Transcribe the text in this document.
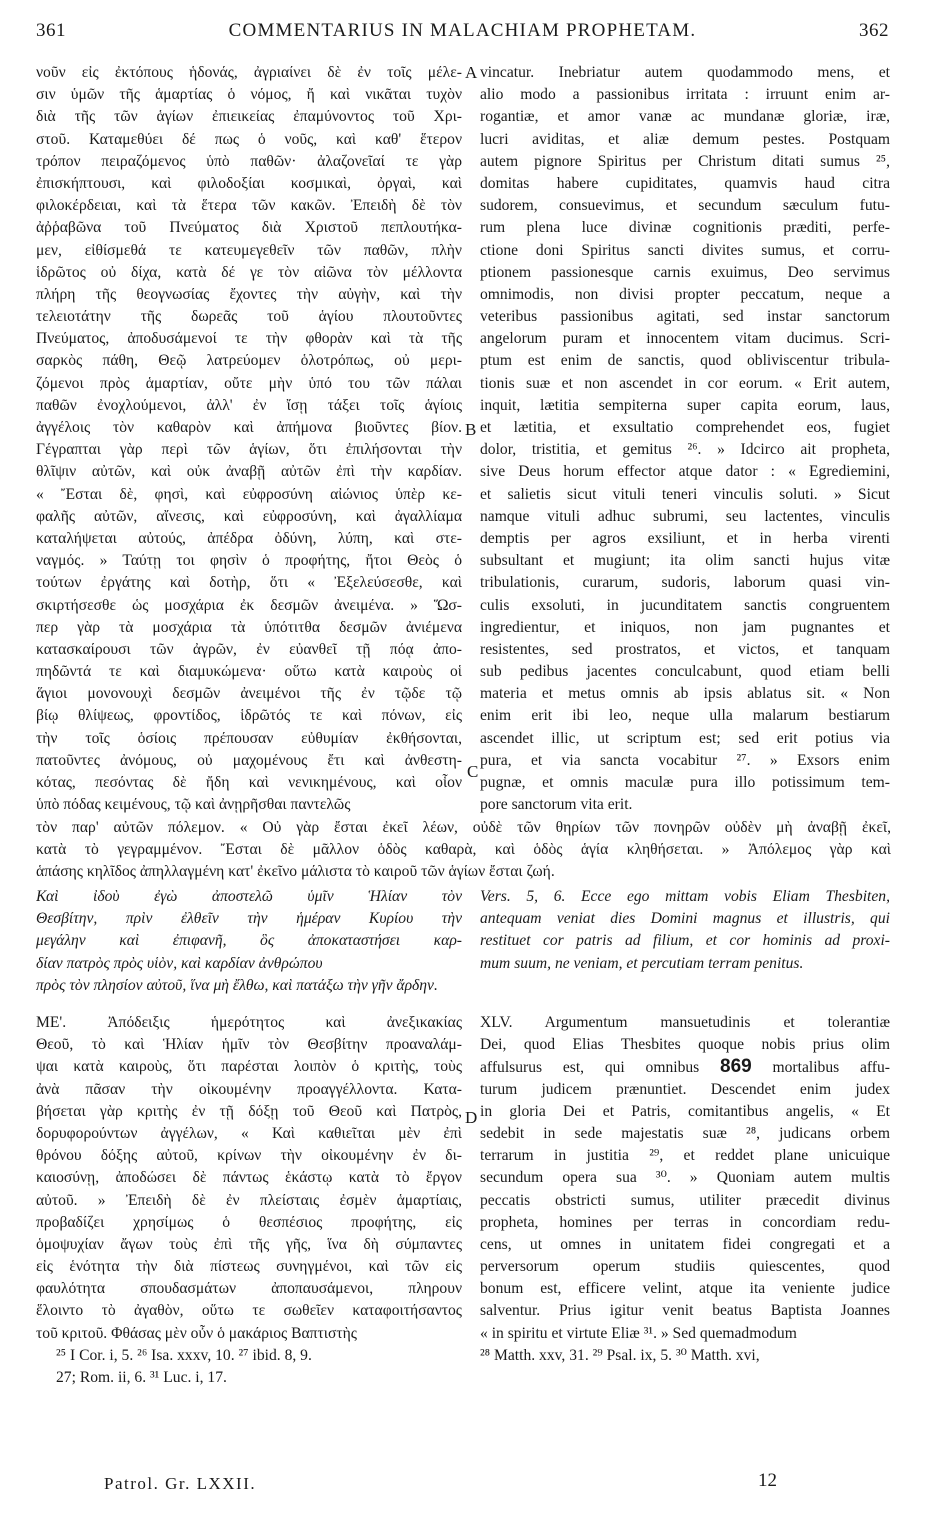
361	COMMENTARIUS IN MALACHIAM PROPHETAM.	362
νοῦν εἰς ἐκτόπους ἡδονάς, ἀγριαίνει δὲ ἐν τοῖς μέλε-
σιν ὑμῶν τῆς ἁμαρτίας ὁ νόμος, ἤ καὶ νικᾶται τυχὸν
διὰ τῆς τῶν ἁγίων ἐπιεικείας ἐπαμύνοντος τοῦ Χρι-
στοῦ. Καταμεθύει δέ πως ὁ νοῦς, καὶ καθ' ἕτερον
τρόπον πειραζόμενος ὑπὸ παθῶν· ἀλαζονεῖαί τε γὰρ
ἐπισκήπτουσι, καὶ φιλοδοξίαι κοσμικαὶ, ὀργαὶ, καὶ
φιλοκέρδειαι, καὶ τὰ ἕτερα τῶν κακῶν. Ἐπειδὴ δὲ τὸν
ἀῤῥαβῶνα τοῦ Πνεύματος διὰ Χριστοῦ πεπλουτήκα-
μεν, εἰθίσμεθά τε κατευμεγεθεῖν τῶν παθῶν, πλὴν
ἱδρῶτος οὐ δίχα, κατὰ δέ γε τὸν αἰῶνα τὸν μέλλοντα
πλήρη τῆς θεογνωσίας ἔχοντες τὴν αὐγὴν, καὶ τὴν
τελειοτάτην τῆς δωρεᾶς τοῦ ἁγίου πλουτοῦντες
Πνεύματος, ἀποδυσάμενοί τε τὴν φθορὰν καὶ τὰ τῆς
σαρκὸς πάθη, Θεῷ λατρεύομεν ὁλοτρόπως, οὐ μερι-
ζόμενοι πρὸς ἁμαρτίαν, οὔτε μὴν ὑπό του τῶν πάλαι
παθῶν ἐνοχλούμενοι, ἀλλ' ἐν ἴσῃ τάξει τοῖς ἁγίοις
ἀγγέλοις τὸν καθαρὸν καὶ ἀπήμονα βιοῦντες βίον.
Γέγραπται γὰρ περὶ τῶν ἁγίων, ὅτι ἐπιλήσονται τὴν
θλῖψιν αὐτῶν, καὶ οὐκ ἀναβῇ αὐτῶν ἐπὶ τὴν καρδίαν.
« Ἔσται δὲ, φησὶ, καὶ εὐφροσύνη αἰώνιος ὑπὲρ κε-
φαλῆς αὐτῶν, αἴνεσις, καὶ εὐφροσύνη, καὶ ἀγαλλίαμα
καταλήψεται αὐτούς, ἀπέδρα ὀδύνη, λύπη, καὶ στε-
ναγμός. » Ταύτῃ τοι φησὶν ὁ προφήτης, ἤτοι Θεὸς ὁ
τούτων ἐργάτης καὶ δοτὴρ, ὅτι « Ἐξελεύσεσθε, καὶ
σκιρτήσεσθε ὡς μοσχάρια ἐκ δεσμῶν ἀνειμένα. » Ὥσ-
περ γὰρ τὰ μοσχάρια τὰ ὑπότιτθα δεσμῶν ἀνιέμενα
κατασκαίρουσι τῶν ἀγρῶν, ἐν εὐανθεῖ τῇ πόᾳ ἀπο-
πηδῶντά τε καὶ διαμυκώμενα· οὕτω κατὰ καιροὺς οἱ
ἅγιοι μονονουχὶ δεσμῶν ἀνειμένοι τῆς ἐν τῷδε τῷ
βίῳ θλίψεως, φροντίδος, ἱδρῶτός τε καὶ πόνων, εἰς
τὴν τοῖς ὁσίοις πρέπουσαν εὐθυμίαν ἐκθήσονται,
πατοῦντες ἀνόμους, οὐ μαχομένους ἔτι καὶ ἀνθεστη-
κότας, πεσόντας δὲ ἤδη καὶ νενικημένους, καὶ οἷον
ὑπὸ πόδας κειμένους, τῷ καὶ ἀνῃρῆσθαι παντελῶς
vincatur. Inebriatur autem quodammodo mens, et
alio modo a passionibus irritata : irruunt enim ar-
rogantiæ, et amor vanæ ac mundanæ gloriæ, iræ,
lucri aviditas, et aliæ demum pestes. Postquam
autem pignore Spiritus per Christum ditati sumus ²⁵,
domitas habere cupiditates, quamvis haud citra
sudorem, consuevimus, et secundum sæculum futu-
rum plena luce divinæ cognitionis præditi, perfe-
ctione doni Spiritus sancti divites sumus, et corru-
ptionem passionesque carnis exuimus, Deo servimus
omnimodis, non divisi propter peccatum, neque a
veteribus passionibus agitati, sed instar sanctorum
angelorum puram et innocentem vitam ducimus. Scri-
ptum est enim de sanctis, quod obliviscentur tribula-
tionis suæ et non ascendet in cor eorum. « Erit autem,
inquit, lætitia sempiterna super capita eorum, laus,
et lætitia, et exsultatio comprehendet eos, fugiet
dolor, tristitia, et gemitus ²⁶. » Idcirco ait propheta,
sive Deus horum effector atque dator : « Egrediemini,
et salietis sicut vituli teneri vinculis soluti. » Sicut
namque vituli adhuc subrumi, seu lactentes, vinculis
demptis per agros exsiliunt, et in herba virenti
subsultant et mugiunt; ita olim sancti hujus vitæ
tribulationis, curarum, sudoris, laborum quasi vin-
culis exsoluti, in jucunditatem sanctis congruentem
ingredientur, et iniquos, non jam pugnantes et
resistentes, sed prostratos, et victos, et tanquam
sub pedibus jacentes conculcabunt, quod etiam belli
materia et metus omnis ab ipsis ablatus sit. « Non
enim erit ibi leo, neque ulla malarum bestiarum
ascendet illic, ut scriptum est; sed erit potius via
pura, et via sancta vocabitur ²⁷. » Exsors enim
pugnæ, et omnis maculæ pura illo potissimum tem-
pore sanctorum vita erit.
A
B
C
D
τὸν παρ' αὐτῶν πόλεμον. « Οὐ γὰρ ἔσται ἐκεῖ λέων, οὐδὲ τῶν θηρίων τῶν πονηρῶν οὐδὲν μὴ ἀναβῇ ἐκεῖ,
κατὰ τὸ γεγραμμένον. Ἔσται δὲ μᾶλλον ὁδὸς καθαρὰ, καὶ ὁδὸς ἁγία κληθήσεται. » Ἀπόλεμος γὰρ καὶ
ἁπάσης κηλῖδος ἀπηλλαγμένη κατ' ἐκεῖνο μάλιστα τὸ καιροῦ τῶν ἁγίων ἔσται ζωή.
Καὶ ἰδοὺ ἐγὼ ἀποστελῶ ὑμῖν Ἡλίαν τὸν
Θεσβίτην, πρὶν ἐλθεῖν τὴν ἡμέραν Κυρίου τὴν
μεγάλην καὶ ἐπιφανῆ, ὃς ἀποκαταστήσει καρ-
δίαν πατρὸς πρὸς υἱὸν, καὶ καρδίαν ἀνθρώπου
Vers. 5, 6. Ecce ego mittam vobis Eliam Thesbiten,
antequam veniat dies Domini magnus et illustris, qui
restituet cor patris ad filium, et cor hominis ad proxi-
mum suum, ne veniam, et percutiam terram penitus.
πρὸς τὸν πλησίον αὐτοῦ, ἵνα μὴ ἔλθω, καὶ πατάξω τὴν γῆν ἄρδην.
ΜΕ'. Ἀπόδειξις ἡμερότητος καὶ ἀνεξικακίας
Θεοῦ, τὸ καὶ Ἡλίαν ἡμῖν τὸν Θεσβίτην προαναλάμ-
ψαι κατὰ καιροὺς, ὅτι παρέσται λοιπὸν ὁ κριτὴς, τοὺς
ἀνὰ πᾶσαν τὴν οἰκουμένην προαγγέλλοντα. Κατα-
βήσεται γὰρ κριτὴς ἐν τῇ δόξῃ τοῦ Θεοῦ καὶ Πατρὸς,
δορυφορούντων ἀγγέλων, « Καὶ καθιεῖται μὲν ἐπὶ
θρόνου δόξης αὐτοῦ, κρίνων τὴν οἰκουμένην ἐν δι-
καιοσύνῃ, ἀποδώσει δὲ πάντως ἑκάστῳ κατὰ τὸ ἔργον
αὐτοῦ. » Ἐπειδὴ δὲ ἐν πλείσταις ἐσμὲν ἁμαρτίαις,
προβαδίζει χρησίμως ὁ θεσπέσιος προφήτης, εἰς
ὁμοψυχίαν ἄγων τοὺς ἐπὶ τῆς γῆς, ἵνα δὴ σύμπαντες
εἰς ἑνότητα τὴν διὰ πίστεως συνηγμένοι, καὶ τῶν εἰς
φαυλότητα σπουδασμάτων ἀποπαυσάμενοι, πληρουν
ἕλοιντο τὸ ἀγαθὸν, οὕτω τε σωθεῖεν καταφοιτήσαντος
τοῦ κριτοῦ. Φθάσας μὲν οὖν ὁ μακάριος Βαπτιστὴς
XLV. Argumentum mansuetudinis et tolerantiæ
Dei, quod Elias Thesbites quoque nobis prius olim
affulsurus est, qui omnibus 869 mortalibus affu-
turum judicem prænuntiet. Descendet enim judex
in gloria Dei et Patris, comitantibus angelis, « Et
sedebit in sede majestatis suæ ²⁸, judicans orbem
terrarum in justitia ²⁹, et reddet plane unicuique
secundum opera sua ³⁰. » Quoniam autem multis
peccatis obstricti sumus, utiliter præcedit divinus
propheta, homines per terras in concordiam redu-
cens, ut omnes in unitatem fidei congregati et a
perversorum operum studiis quiescentes, quod
bonum est, efficere velint, atque ita veniente judice
salventur. Prius igitur venit beatus Baptista Joannes
« in spiritu et virtute Eliæ ³¹. » Sed quemadmodum
²⁵ I Cor. i, 5. ²⁶ Isa. xxxv, 10. ²⁷ ibid. 8, 9.
27; Rom. ii, 6. ³¹ Luc. i, 17.
²⁸ Matth. xxv, 31. ²⁹ Psal. ix, 5. ³⁰ Matth. xvi,
Patrol. Gr. LXXII.	12
